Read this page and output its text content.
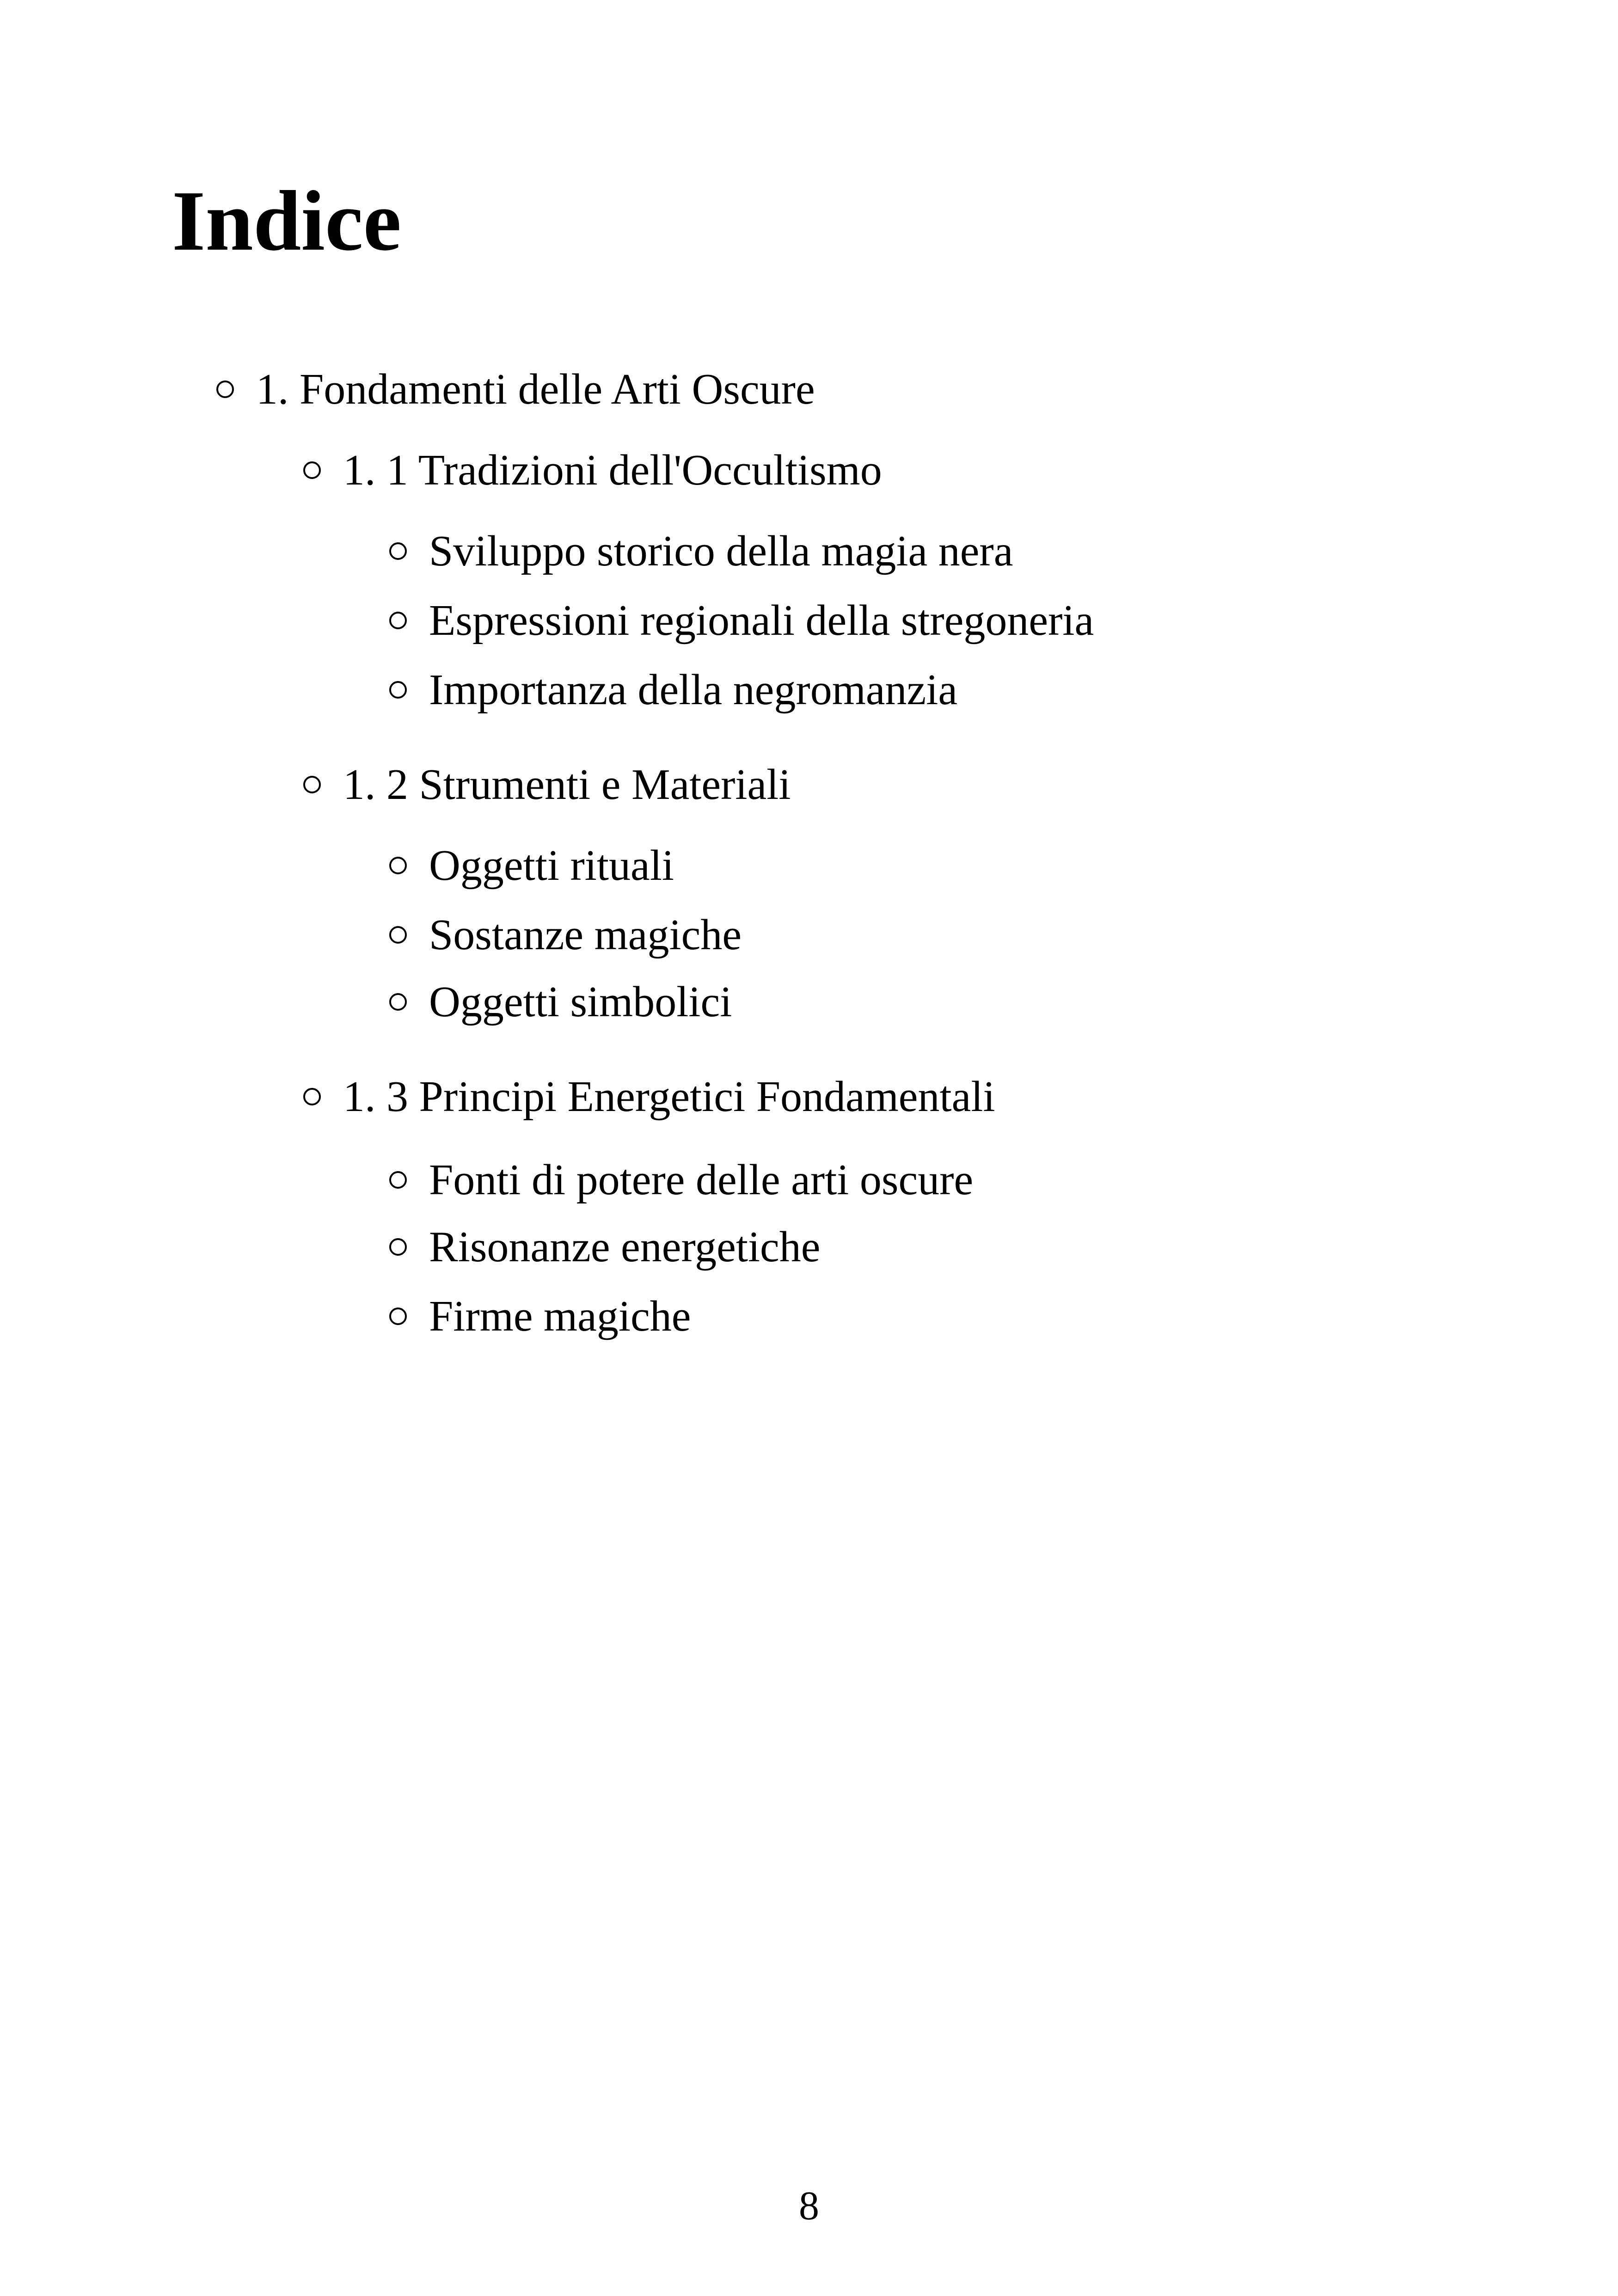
Indice
1. Fondamenti delle Arti Oscure
1. 1 Tradizioni dell'Occultismo
Sviluppo storico della magia nera
Espressioni regionali della stregoneria
Importanza della negromanzia
1. 2 Strumenti e Materiali
Oggetti rituali
Sostanze magiche
Oggetti simbolici
1. 3 Principi Energetici Fondamentali
Fonti di potere delle arti oscure
Risonanze energetiche
Firme magiche
8
